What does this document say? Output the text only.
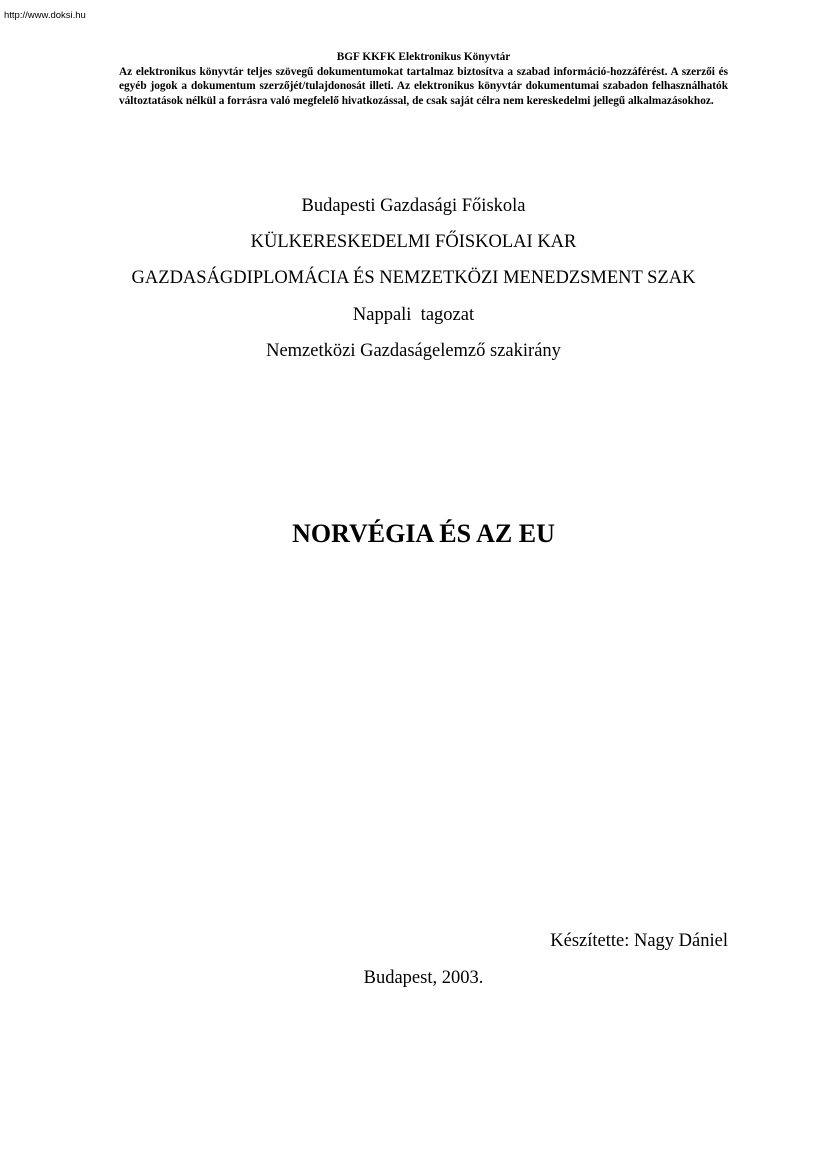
http://www.doksi.hu

BGF KKFK Elektronikus Könyvtár

Az elektronikus könyvtár teljes szövegű dokumentumokat tartalmaz biztosítva a szabad információ-hozzáférést. A szerzői és egyéb jogok a dokumentum szerzőjét/tulajdonosát illeti. Az elektronikus könyvtár dokumentumai szabadon felhasználhatók változtatások nélkül a forrásra való megfelelő hivatkozással, de csak saját célra nem kereskedelmi jellegű alkalmazásokhoz.

Budapesti Gazdasági Főiskola
KÜLKERESKEDELMI FŐISKOLAI KAR
GAZDASÁGDIPLOMÁCIA ÉS NEMZETKÖZI MENEDZSMENT SZAK
Nappali  tagozat
Nemzetközi Gazdaságelemző szakirány
NORVÉGIA ÉS AZ EU
Készítette: Nagy Dániel
Budapest, 2003.
